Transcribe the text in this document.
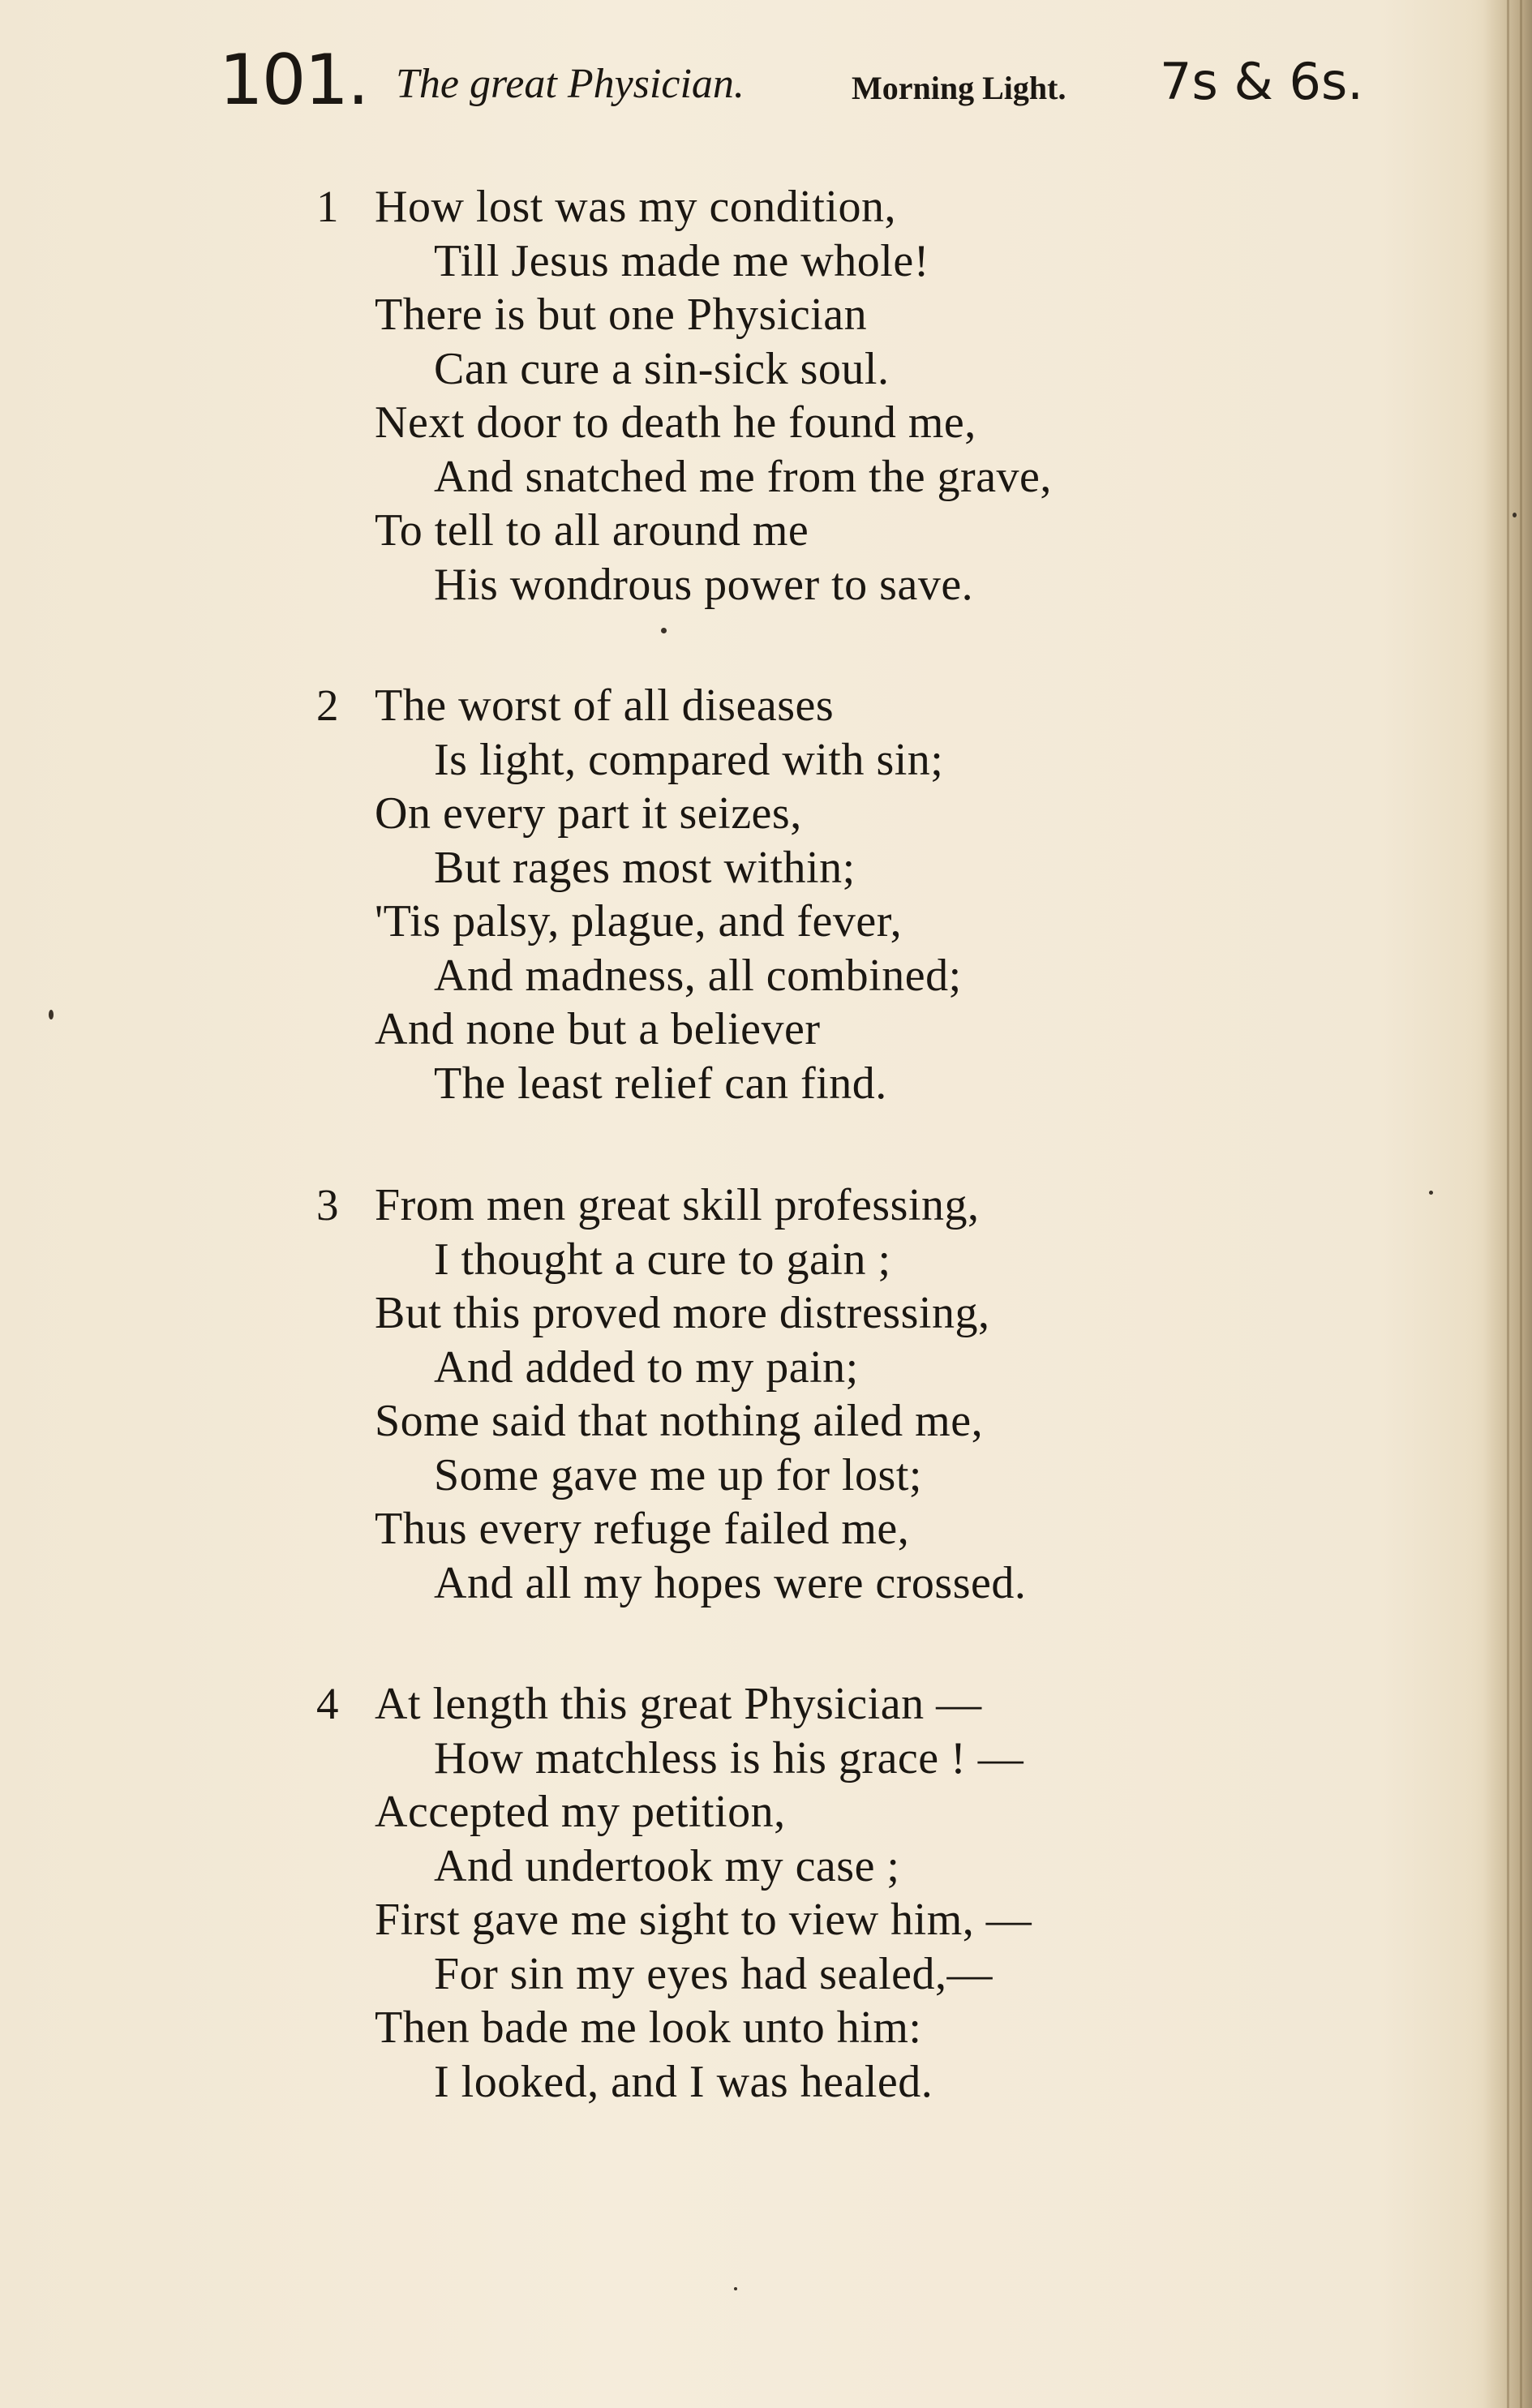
101. The great Physician.	Morning Light. 7s & 6s.
1 How lost was my condition,
Till Jesus made me whole!
There is but one Physician
Can cure a sin-sick soul.
Next door to death he found me,
And snatched me from the grave,
To tell to all around me
His wondrous power to save.
2 The worst of all diseases
Is light, compared with sin;
On every part it seizes,
But rages most within;
'Tis palsy, plague, and fever,
And madness, all combined;
And none but a believer
The least relief can find.
3 From men great skill professing,
I thought a cure to gain ;
But this proved more distressing,
And added to my pain;
Some said that nothing ailed me,
Some gave me up for lost;
Thus every refuge failed me,
And all my hopes were crossed.
4 At length this great Physician —
How matchless is his grace ! —
Accepted my petition,
And undertook my case ;
First gave me sight to view him, —
For sin my eyes had sealed,—
Then bade me look unto him:
I looked, and I was healed.
